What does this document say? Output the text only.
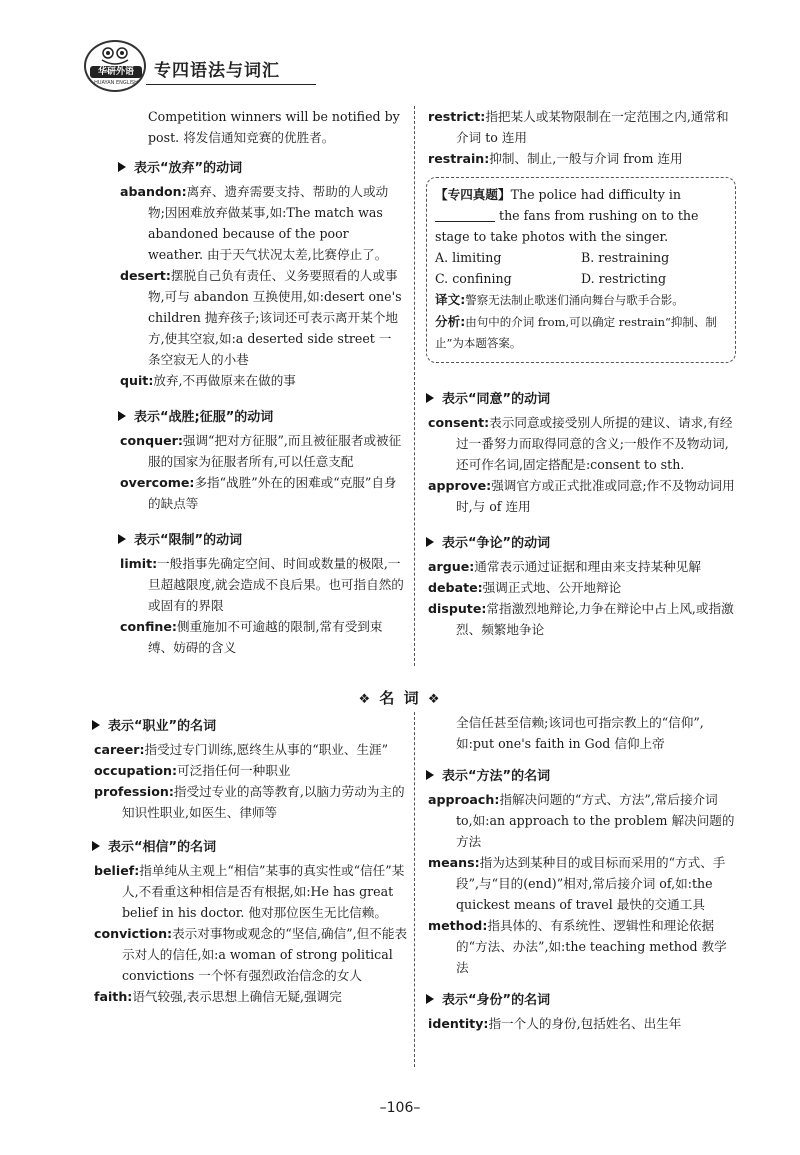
华研外语
HUAYAN ENGLISH
专四语法与词汇

Competition winners will be notified by post. 将发信通知竞赛的优胜者。

表示“放弃”的动词

abandon:离弃、遗弃需要支持、帮助的人或动物;因困难放弃做某事,如:The match was abandoned because of the poor weather. 由于天气状况太差,比赛停止了。

desert:摆脱自己负有责任、义务要照看的人或事物,可与 abandon 互换使用,如:desert one's children 抛弃孩子;该词还可表示离开某个地方,使其空寂,如:a deserted side street 一条空寂无人的小巷

quit:放弃,不再做原来在做的事

表示“战胜;征服”的动词

conquer:强调“把对方征服”,而且被征服者或被征服的国家为征服者所有,可以任意支配

overcome:多指“战胜”外在的困难或“克服”自身的缺点等

表示“限制”的动词

limit:一般指事先确定空间、时间或数量的极限,一旦超越限度,就会造成不良后果。也可指自然的或固有的界限

confine:侧重施加不可逾越的限制,常有受到束缚、妨碍的含义

restrict:指把某人或某物限制在一定范围之内,通常和介词 to 连用

restrain:抑制、制止,一般与介词 from 连用

【专四真题】The police had difficulty in  the fans from rushing on to the stage to take photos with the singer.

A. limiting	B. restraining
C. confining	D. restricting

译文:警察无法制止歌迷们涌向舞台与歌手合影。

分析:由句中的介词 from,可以确定 restrain“抑制、制止”为本题答案。

表示“同意”的动词

consent:表示同意或接受别人所提的建议、请求,有经过一番努力而取得同意的含义;一般作不及物动词,还可作名词,固定搭配是:consent to sth.

approve:强调官方或正式批准或同意;作不及物动词用时,与 of 连用

表示“争论”的动词

argue:通常表示通过证据和理由来支持某种见解

debate:强调正式地、公开地辩论

dispute:常指激烈地辩论,力争在辩论中占上风,或指激烈、频繁地争论

❖ 名 词 ❖
表示“职业”的名词

career:指受过专门训练,愿终生从事的“职业、生涯”

occupation:可泛指任何一种职业

profession:指受过专业的高等教育,以脑力劳动为主的知识性职业,如医生、律师等

表示“相信”的名词

belief:指单纯从主观上“相信”某事的真实性或“信任”某人,不看重这种相信是否有根据,如:He has great belief in his doctor. 他对那位医生无比信赖。

conviction:表示对事物或观念的“坚信,确信”,但不能表示对人的信任,如:a woman of strong political convictions 一个怀有强烈政治信念的女人

faith:语气较强,表示思想上确信无疑,强调完

全信任甚至信赖;该词也可指宗教上的“信仰”,如:put one's faith in God 信仰上帝

表示“方法”的名词

approach:指解决问题的“方式、方法”,常后接介词 to,如:an approach to the problem 解决问题的方法

means:指为达到某种目的或目标而采用的“方式、手段”,与“目的(end)”相对,常后接介词 of,如:the quickest means of travel 最快的交通工具

method:指具体的、有系统性、逻辑性和理论依据的“方法、办法”,如:the teaching method 教学法

表示“身份”的名词

identity:指一个人的身份,包括姓名、出生年

–106–
